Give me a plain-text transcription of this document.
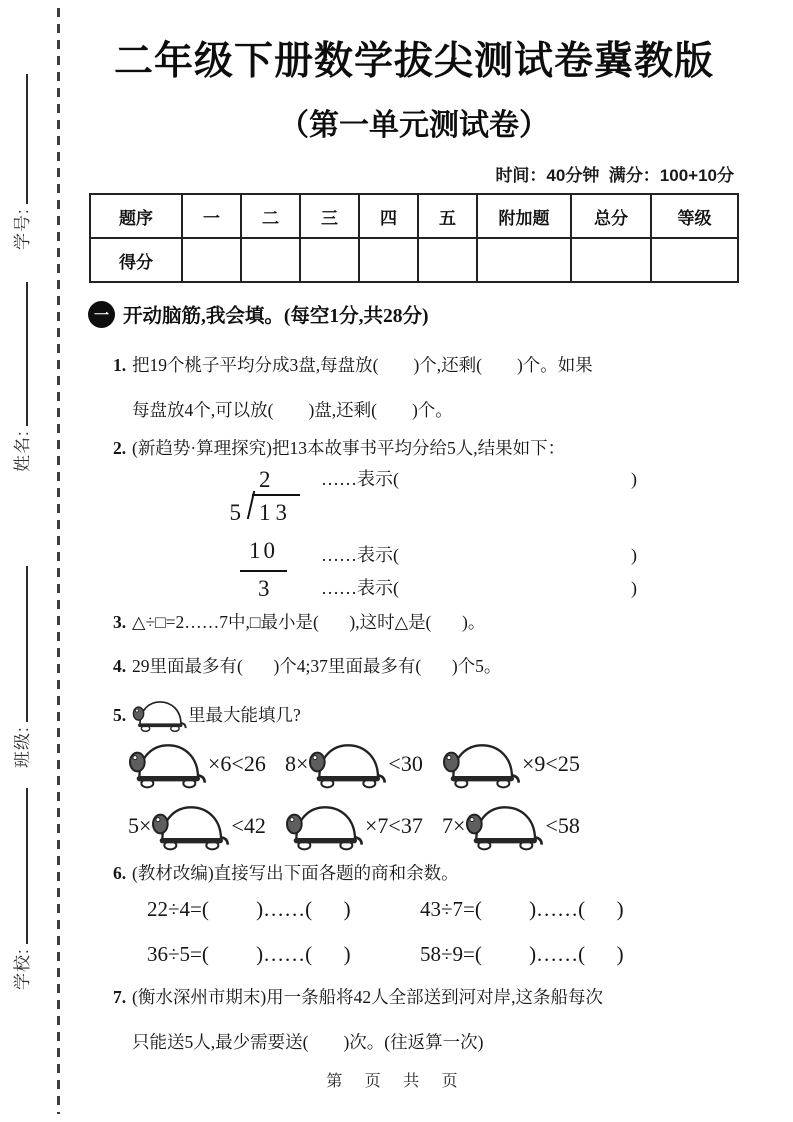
学号:
姓名:
班级:
学校:
二年级下册数学拔尖测试卷冀教版
（第一单元测试卷）
时间：40分钟  满分：100+10分
题序	一	二	三	四	五	附加题	总分	等级
得分								
一 开动脑筋,我会填。(每空1分,共28分)
1. 把19个桃子平均分成3盘,每盘放(        )个,还剩(        )个。如果
每盘放4个,可以放(        )盘,还剩(        )个。
2. (新趋势·算理探究)把13本故事书平均分给5人,结果如下：
2	……表示(	)
5 13
10	……表示(	)
3	……表示(	)
3. △÷□=2……7中,□最小是(       ),这时△是(       )。
4. 29里面最多有(       )个4;37里面最多有(       )个5。
5.	里最大能填几?
×6<26 8×	<30	×9<25
5×	<42	×7<37 7×	<58
6. (教材改编)直接写出下面各题的商和余数。
22÷4=(         )……(      )	43÷7=(         )……(      )
36÷5=(         )……(      )	58÷9=(         )……(      )
7. (衡水深州市期末)用一条船将42人全部送到河对岸,这条船每次
只能送5人,最少需要送(        )次。(往返算一次)
第 页 共 页
